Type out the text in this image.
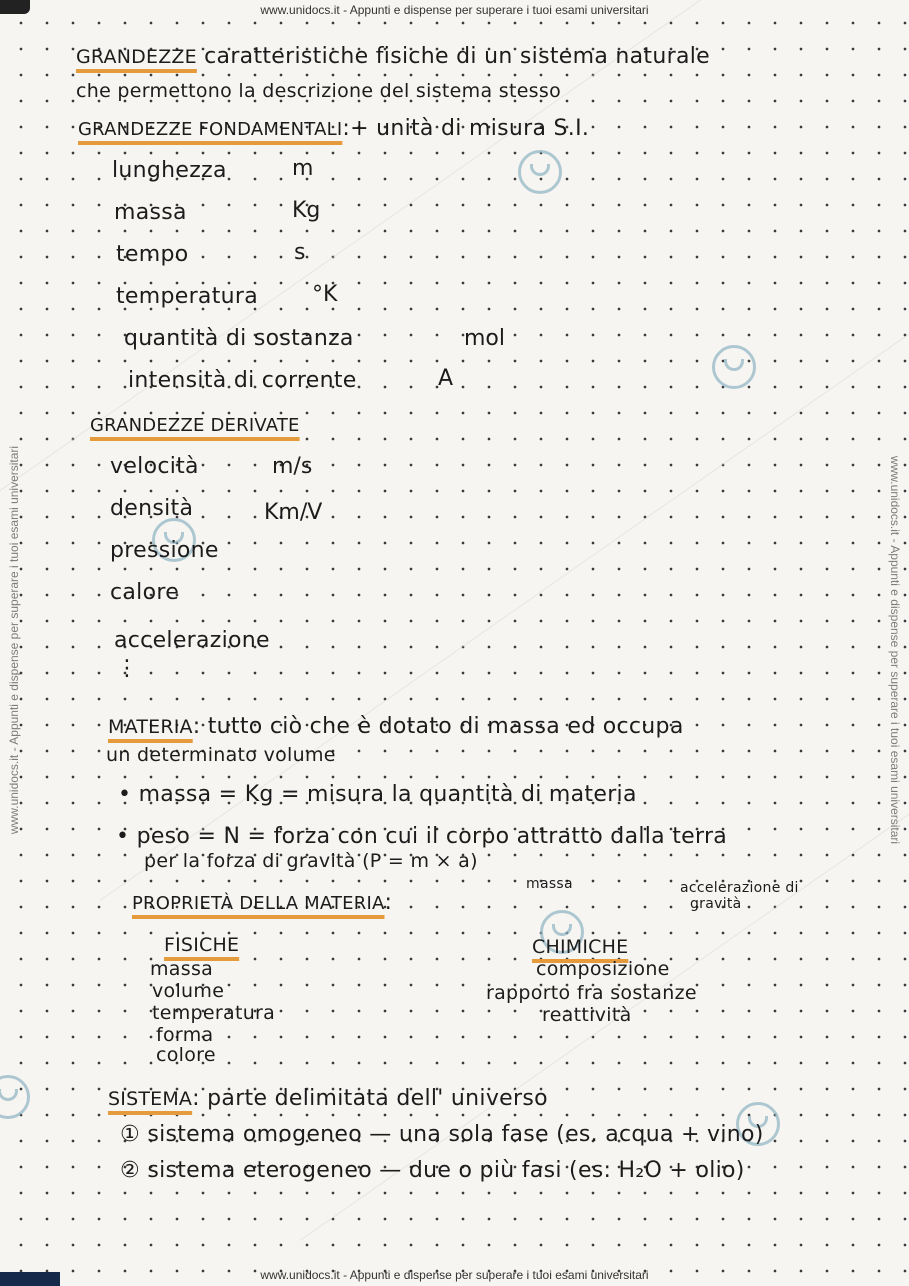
www.unidocs.it - Appunti e dispense per superare i tuoi esami universitari
www.unidocs.it - Appunti e dispense per superare i tuoi esami universitari
www.unidocs.it - Appunti e dispense per superare i tuoi esami universitari	www.unidocs.it - Appunti e dispense per superare i tuoi esami universitari
GRANDEZZE caratteristiche fisiche di un sistema naturale
che permettono la descrizione del sistema stesso
GRANDEZZE FONDAMENTALI:+ unità di misura S.I.
lunghezza	m
massa	Kg
tempo	s
temperatura °K
quantità di sostanza	mol
intensità di corrente	A
GRANDEZZE DERIVATE
velocità	m/s
densità	Km/V
pressione
calore
accelerazione
⋮
MATERIA: tutto ciò che è dotato di massa ed occupa
un determinato volume
• massa = Kg = misura la quantità di materia
• peso = N = forza con cui il corpo attratto dalla terra
per la forza di gravità (P = m × a)
massa	accelerazione di
gravità
PROPRIETÀ DELLA MATERIA:
FISICHE
massa
volume
temperatura
forma
colore
CHIMICHE
composizione
rapporto fra sostanze
reattività
SISTEMA: parte delimitata dell' universo
① sistema omogeneo — una sola fase (es. acqua + vino)
② sistema eterogeneo — due o più fasi (es: H₂O + olio)
